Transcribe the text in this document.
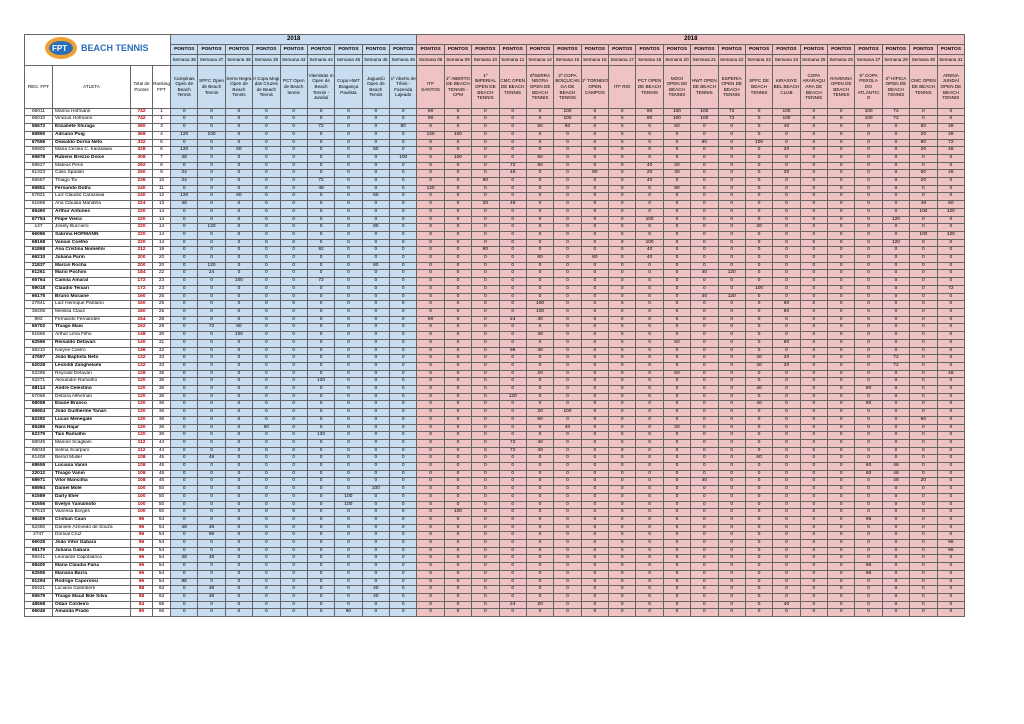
FPT BEACH TENNIS				2018									2018																			
				PONTOS	PONTOS	PONTOS	PONTOS	PONTOS	PONTOS	PONTOS	PONTOS	PONTOS	PONTOS	PONTOS	PONTOS	PONTOS	PONTOS	PONTOS	PONTOS	PONTOS	PONTOS	PONTOS	PONTOS	PONTOS	PONTOS	PONTOS	PONTOS	PONTOS	PONTOS	PONTOS	PONTOS	PONTOS
				Semana 36	Semana 37	Semana 38	Semana 39	Semana 43	Semana 44	Semana 45	Semana 46	Semana 46	Semana 06	Semana 09	Semana 10	Semana 11	Semana 14	Semana 15	Semana 16	Semana 17	Semana 18	Semana 20	Semana 21	Semana 22	Semana 23	Semana 24	Semana 25	Semana 26	Semana 27	Semana 29	Semana 30	Semana 31
REG. FPT	ATLETA	Total de Pontos	Ranking FPT	Campinas Open de Beach Tennis	SPFC Open de Beach Tennis	Serra Negra Open de Beach Tennis	II Copa Mogi das Cruzes de Beach Tennis	PCT Open de Beach tennis	Vitenistas m Open de Beach Tennis - Jundiaí	Copa HWT Bragança Paulista	Jaguariú Open de Beach Tennis	1º Aberto de Tênis - Fazenda Lajeado	ITF SANTOS	1º ABERTO DE BEACH TENNIS - CPM	1º IMPERIAL OPEN DE BEACH TENNIS	CMC OPEN DE BEACH TENNIS	6ªSERRA NEGRA OPEN DE BEACH TENNIS	2º COPA BOIÇUCAN GA DE BEACH TENNIS	1º TORNEIO OPEN CAMPOS	ITF RIO	PCT OPEN DE BEACH TENNIS	MOGI OPEN DE BEACH TENNIS	HWT OPEN DE BEACH TENNIS	ESPERIA OPEN DE BEACH TENNIS	SPFC DE BEACH TENNIS	KIRASIYE BEL BEACH CLUB	COPA ARARAQU ARA DE BEACH TENNIS	RAVENNA OPEN DE BEACH TENNIS	5º COPA PEROLA DO ATLÂNTIC O	3º HÍPICA OPEN DE BEACH TENNIS	CMC OPEN DE BEACH TENNIS	ARENA JUNDAÍ OPEN DE BEACH TENNIS
66011	Marina Hofmann	742	1	0	0	0	0	0	0	0	0	0	90	0	0	0	0	100	0	0	90	100	100	72	0	100	0	0	100	72	0	0
66010	Vinicius Hofmann	742	1	0	0	0	0	0	0	0	0	0	90	0	0	0	0	100	0	0	90	100	100	72	0	100	0	0	100	72	0	0
55672	Elizabete Shiraga	380	3	0	0	0	0	0	72	0	0	80	0	0	0	0	60	60	0	0	0	60	0	0	0	40	0	0	0	0	60	48
65890	Adriano Puig	368	4	120	100	0	0	0	0	0	0	0	120	100	0	0	0	0	0	0	0	0	0	0	0	0	0	0	0	0	20	48
67556	Oswaldo Dorna Neto	332	5	0	0	0	0	0	0	0	0	0	0	0	0	0	0	0	0	0	0	0	80	0	100	0	0	0	0	0	80	72
65902	Maria Cecília C. Karasawa	328	6	120	0	60	0	0	0	0	60	0	0	0	0	0	0	0	0	0	0	0	0	0	0	20	0	0	0	0	20	48
65878	Rubens Brezzo Dolce	308	7	48	0	0	0	0	0	0	0	100	0	100	0	0	60	0	0	0	0	0	0	0	0	0	0	0	0	0	0	0
59627	Mateus Perin	292	8	0	0	0	0	0	0	0	0	0	0	0	0	72	80	0	0	0	40	20	0	0	0	0	0	0	0	0	0	0
61323	Caito Spadari	260	9	24	0	0	0	0	0	0	0	0	0	0	0	48	0	0	80	0	20	40	0	0	0	20	0	0	0	0	60	48
65587	Thiago Toi	236	10	24	0	0	0	0	72	0	0	0	0	0	80	0	0	0	0	0	40	0	0	0	0	0	0	0	0	0	20	0
65851	Fernando Dutra	240	11	0	0	0	0	0	48	0	0	0	120	0	0	0	0	0	0	0	0	80	0	0	0	0	0	0	0	0	0	0
57821	Luiz Claudio Carazawa	240	12	120	0	60	0	0	0	0	60	0	0	0	0	0	0	0	0	0	0	0	0	0	0	0	0	0	0	0	0	0
61688	Ana Claudia Mandiha	224	13	48	0	0	0	0	0	0	0	0	0	0	20	48	0	0	0	0	0	0	0	0	0	0	0	0	0	0	48	60
65460	Arthur Antunes	220	14	0	0	0	0	0	0	0	0	0	0	0	0	0	0	0	0	0	0	0	0	0	0	0	0	0	0	0	100	120
67754	Filipe Vieira	220	14	0	0	0	0	0	0	0	0	0	0	0	0	0	0	0	0	0	100	0	0	0	0	0	0	0	0	120	0	0
147	Josely Bucciero	220	14	0	120	0	0	0	0	0	80	0	0	0	0	0	0	0	0	0	0	0	0	0	20	0	0	0	0	0	0	0
66086	Sabrina HOFMANN	220	14	0	0	0	0	0	0	0	0	0	0	0	0	0	0	0	0	0	0	0	0	0	0	0	0	0	0	0	100	120
68168	Vanius Coelho	220	14	0	0	0	0	0	0	0	0	0	0	0	0	0	0	0	0	0	100	0	0	0	0	0	0	0	0	120	0	0
61868	Ana Cristina Nomellni	212	19	0	0	0	0	0	92	0	0	0	0	0	80	0	0	0	0	0	40	0	0	0	0	0	0	0	0	0	0	0
66210	Juliana Parin	200	20	0	0	0	0	0	0	0	0	0	0	0	0	0	80	0	80	0	40	0	0	0	0	0	0	0	0	0	0	0
21837	Marcio Rocha	200	20	0	120	0	0	0	0	0	80	0	0	0	0	0	0	0	0	0	0	0	0	0	0	0	0	0	0	0	0	0
61261	Mario Pochini	184	22	0	24	0	0	0	0	0	0	0	0	0	0	0	0	0	0	0	0	0	40	120	0	0	0	0	0	0	0	0
65764	Camila Amaral	172	23	0	0	100	0	0	72	0	0	0	0	0	0	0	0	0	0	0	0	0	0	0	0	0	0	0	0	0	0	0
59018	Claudio Teixari	172	23	0	0	0	0	0	0	0	0	0	0	0	0	0	0	0	0	0	0	0	0	0	100	0	0	0	0	0	0	72
66175	Bruno Moraine	160	25	0	0	0	0	0	0	0	0	0	0	0	0	0	0	0	0	0	0	0	40	120	0	0	0	0	0	0	0	0
27841	Luiz Henrique Pântano	160	25	0	0	0	0	0	0	0	0	0	0	0	0	0	100	0	0	0	0	0	0	0	0	60	0	0	0	0	0	0
38406	Melissa Claus	160	25	0	0	0	0	0	0	0	0	0	0	0	0	0	100	0	0	0	0	0	0	0	0	60	0	0	0	0	0	0
892	Fernando Fernandes	154	28	0	0	0	0	0	0	0	0	0	90	0	0	24	40	0	0	0	0	0	0	0	0	0	0	0	0	0	0	0
65702	Thiago Maio	152	29	0	72	80	0	0	0	0	0	0	0	0	0	0	0	0	0	0	0	0	0	0	0	0	0	0	0	0	0	0
61666	Arthur Lima Filho	148	30	0	0	100	0	0	0	0	0	0	0	0	0	0	48	0	0	0	0	0	0	0	0	0	0	0	0	0	0	0
62565	Reinaldo Defavari	140	31	0	0	0	0	0	0	0	0	0	0	0	0	0	0	0	0	0	0	60	0	0	0	80	0	0	0	0	0	0
66210	Karyne Castro	136	32	0	0	0	0	0	0	0	0	0	0	0	0	96	40	0	0	0	0	0	0	0	0	0	0	0	0	0	0	0
47597	João Baptista Neto	132	33	0	0	0	0	0	0	0	0	0	0	0	0	0	0	0	0	0	0	0	0	0	40	20	0	0	0	72	0	0
62028	Leonildi Zanghelami	132	33	0	0	0	0	0	0	0	0	0	0	0	0	0	0	0	0	0	0	0	0	0	40	20	0	0	0	72	0	0
62295	Reynald Defavari	128	35	0	0	0	0	0	0	0	0	0	0	0	0	0	20	0	0	0	0	60	0	0	0	0	0	0	0	0	0	48
62271	Alexandre Ramalho	120	36	0	0	0	0	0	120	0	0	0	0	0	0	0	0	0	0	0	0	0	0	0	0	0	0	0	0	0	0	0
68114	André Celestino	120	36	0	0	0	0	0	0	0	0	0	0	0	0	0	0	0	0	0	0	0	0	0	40	0	0	0	80	0	0	0
67066	Debora Altheman	120	36	0	0	0	0	0	0	0	0	0	0	0	0	120	0	0	0	0	0	0	0	0	0	0	0	0	0	0	0	0
68058	Elaine Branco	120	36	0	0	0	0	0	0	0	0	0	0	0	0	0	0	0	0	0	0	0	0	0	40	0	0	0	80	0	0	0
66904	João Guilherme Tanari	120	36	0	0	0	0	0	0	0	0	0	0	0	0	0	20	100	0	0	0	0	0	0	0	0	0	0	0	0	0	0
62292	Lucas Menegale	120	36	0	0	0	0	0	0	0	0	0	0	0	0	0	60	0	0	0	0	0	0	0	0	0	0	0	0	0	60	0
65486	Nara Hajar	120	36	0	0	0	60	0	0	0	0	0	0	0	0	0	0	40	0	0	0	20	0	0	0	0	0	0	0	0	0	0
62275	Tais Ramalho	120	36	0	0	0	0	0	120	0	0	0	0	0	0	0	0	0	0	0	0	0	0	0	0	0	0	0	0	0	0	0
68045	Manoel Scagliani	112	44	0	0	0	0	0	0	0	0	0	0	0	0	72	40	0	0	0	0	0	0	0	0	0	0	0	0	0	0	0
68048	Selma Scarparo	112	44	0	0	0	0	0	0	0	0	0	0	0	0	72	40	0	0	0	0	0	0	0	0	0	0	0	0	0	0	0
61408	Bernd Muller	108	46	0	48	0	0	0	0	0	0	0	0	0	0	0	0	0	0	0	0	0	0	0	60	0	0	0	0	0	0	0
68655	Luciana Vanin	108	46	0	0	0	0	0	0	0	0	0	0	0	0	0	0	0	0	0	0	0	0	0	0	0	0	0	60	48	0	0
22012	Thiago Vanin	108	46	0	0	0	0	0	0	0	0	0	0	0	0	0	0	0	0	0	0	0	0	0	0	0	0	0	60	48	0	0
68971	Vitor Mancilha	108	46	0	0	0	0	0	0	0	0	0	0	0	0	0	0	0	0	0	0	0	40	0	0	0	0	0	0	48	20	0
65994	Daniel Mole	100	50	0	0	0	0	0	0	0	100	0	0	0	0	0	0	0	0	0	0	0	0	0	0	0	0	0	0	0	0	0
61589	Darly Elier	100	50	0	0	0	0	0	0	100	0	0	0	0	0	0	0	0	0	0	0	0	0	0	0	0	0	0	0	0	0	0
61556	Evelyn Yamamoto	100	50	0	0	0	0	0	0	100	0	0	0	0	0	0	0	0	0	0	0	0	0	0	0	0	0	0	0	0	0	0
67510	Vanessa Borges	100	50	0	0	0	0	0	0	0	0	0	0	100	0	0	0	0	0	0	0	0	0	0	0	0	0	0	0	0	0	0
68409	Cristian Caun	96	54	0	0	0	0	0	0	0	0	0	0	0	0	0	0	0	0	0	0	0	0	0	0	0	0	0	96	0	0	0
62480	Daniele Azevedo de Souza	96	54	48	48	0	0	0	0	0	0	0	0	0	0	0	0	0	0	0	0	0	0	0	0	0	0	0	0	0	0	0
2747	Dorival Cruz	96	54	0	96	0	0	0	0	0	0	0	0	0	0	0	0	0	0	0	0	0	0	0	0	0	0	0	0	0	0	0
66025	João Vitor Gabara	96	54	0	0	0	0	0	0	0	0	0	0	0	0	0	0	0	0	0	0	0	0	0	0	0	0	0	0	0	0	96
68179	Juliana Gabara	96	54	0	0	0	0	0	0	0	0	0	0	0	0	0	0	0	0	0	0	0	0	0	0	0	0	0	0	0	0	96
59441	Leonardo Capobianco	96	54	48	48	0	0	0	0	0	0	0	0	0	0	0	0	0	0	0	0	0	0	0	0	0	0	0	0	0	0	0
68400	Maria Claudia Faria	96	54	0	0	0	0	0	0	0	0	0	0	0	0	0	0	0	0	0	0	0	0	0	0	0	0	0	96	0	0	0
62555	Mariana Barra	96	54	0	0	0	0	0	0	0	0	0	0	0	0	0	0	0	0	0	0	0	0	0	0	0	0	0	96	0	0	0
61294	Rodrigo Caporossi	96	54	96	0	0	0	0	0	0	0	0	0	0	0	0	0	0	0	0	0	0	0	0	0	0	0	0	0	0	0	0
65421	Luciana Galimberti	88	63	0	48	0	0	0	0	0	40	0	0	0	0	0	0	0	0	0	0	0	0	0	0	0	0	0	0	0	0	0
65579	Thiago Mauil Bde Silva	88	63	0	48	0	0	0	0	0	40	0	0	0	0	0	0	0	0	0	0	0	0	0	0	0	0	0	0	0	0	0
48568	Odair Cordeiro	84	65	0	0	0	0	0	0	0	0	0	0	0	0	24	20	0	0	0	0	0	0	0	0	40	0	0	0	0	0	0
66045	Amanda Prado	80	66	0	0	0	0	0	0	80	0	0	0	0	0	0	0	0	0	0	0	0	0	0	0	0	0	0	0	0	0	0
